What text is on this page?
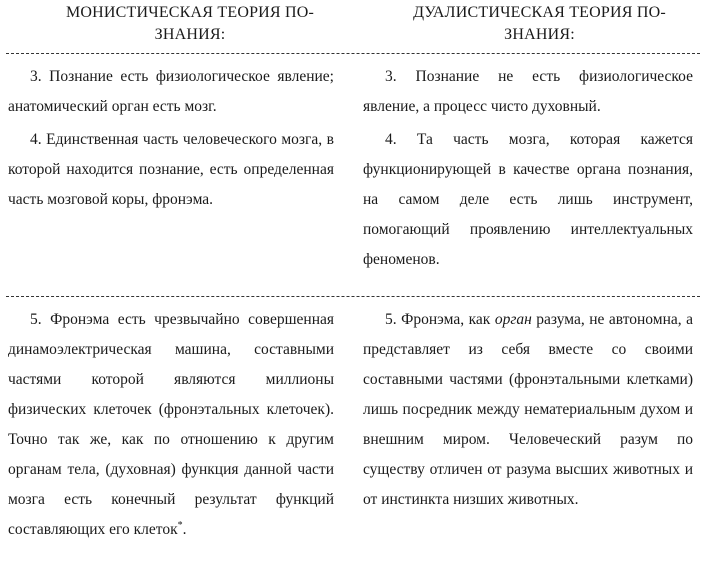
МОНИСТИЧЕСКАЯ ТЕОРИЯ ПО-
ЗНАНИЯ:
ДУАЛИСТИЧЕСКАЯ ТЕОРИЯ ПО-
ЗНАНИЯ:

3. Познание есть физиологическое явление; анатомический орган есть мозг.

4. Единственная часть человеческого мозга, в которой находится познание, есть определенная часть мозговой коры, фронэма.

3. Познание не есть физиологическое явление, а процесс чисто духовный.

4. Та часть мозга, которая кажется функционирующей в качестве органа познания, на самом деле есть лишь инструмент, помогающий проявлению интеллектуальных феноменов.

5. Фронэма есть чрезвычайно совершенная динамоэлектрическая машина, составными частями которой являются миллионы физических клеточек (фронэтальных клеточек). Точно так же, как по отношению к другим органам тела, (духовная) функция данной части мозга есть конечный результат функций составляющих его клеток*.

5. Фронэма, как орган разума, не автономна, а представляет из себя вместе со своими составными частями (фронэтальными клетками) лишь посредник между нематериальным духом и внешним миром. Человеческий разум по существу отличен от разума высших животных и от инстинкта низших животных.
